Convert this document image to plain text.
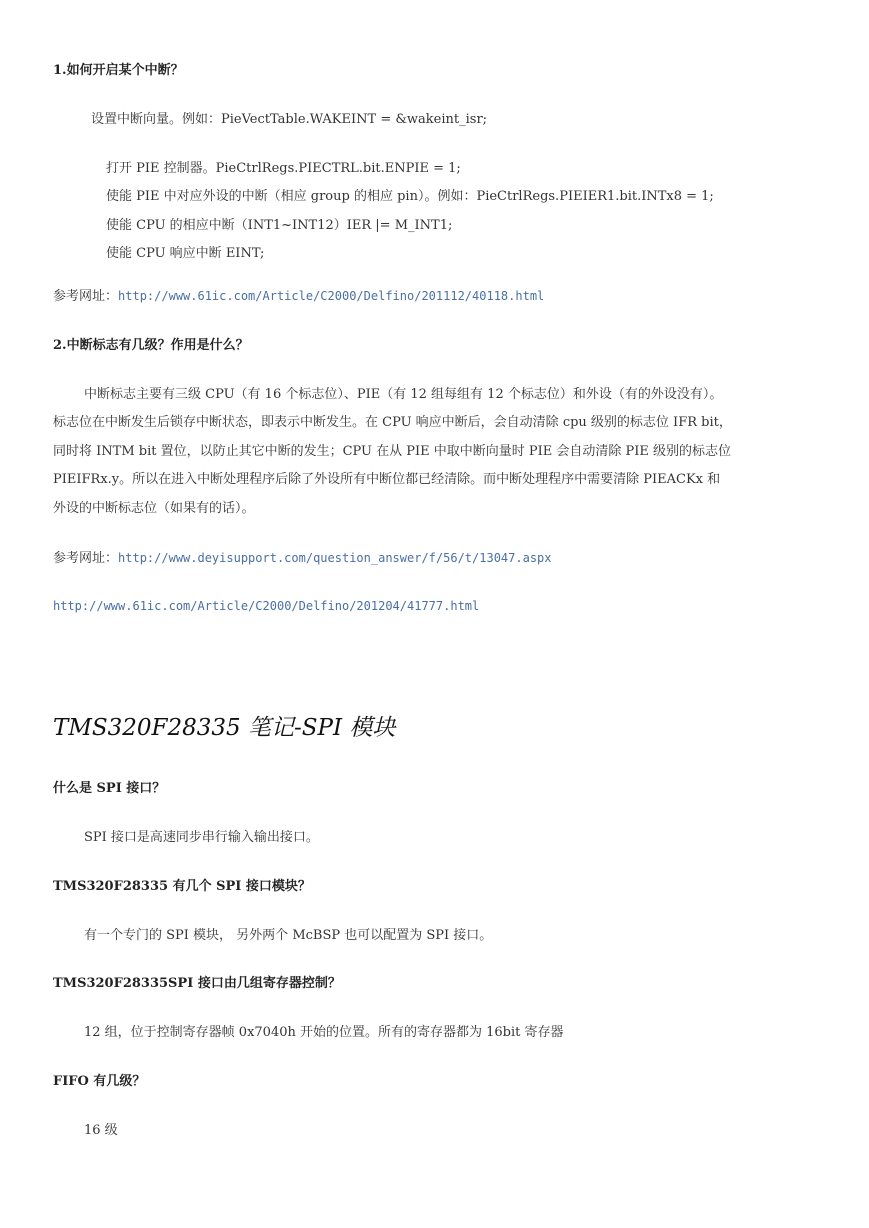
1.如何开启某个中断？
设置中断向量。例如：PieVectTable.WAKEINT = &wakeint_isr;
打开 PIE 控制器。PieCtrlRegs.PIECTRL.bit.ENPIE = 1;
使能 PIE 中对应外设的中断（相应 group 的相应 pin）。例如：PieCtrlRegs.PIEIER1.bit.INTx8 = 1;
使能 CPU 的相应中断（INT1~INT12）IER |= M_INT1;
使能 CPU 响应中断 EINT;
参考网址：http://www.61ic.com/Article/C2000/Delfino/201112/40118.html
2.中断标志有几级？作用是什么？
中断标志主要有三级 CPU（有 16 个标志位）、PIE（有 12 组每组有 12 个标志位）和外设（有的外设没有）。
标志位在中断发生后锁存中断状态，即表示中断发生。在 CPU 响应中断后，会自动清除 cpu 级别的标志位 IFR bit，
同时将 INTM bit 置位，以防止其它中断的发生；CPU 在从 PIE 中取中断向量时 PIE 会自动清除 PIE 级别的标志位
PIEIFRx.y。所以在进入中断处理程序后除了外设所有中断位都已经清除。而中断处理程序中需要清除 PIEACKx 和
外设的中断标志位（如果有的话）。
参考网址：http://www.deyisupport.com/question_answer/f/56/t/13047.aspx
http://www.61ic.com/Article/C2000/Delfino/201204/41777.html
TMS320F28335 笔记-SPI 模块
什么是 SPI 接口？
SPI 接口是高速同步串行输入输出接口。
TMS320F28335 有几个 SPI 接口模块？
有一个专门的 SPI 模块， 另外两个 McBSP 也可以配置为 SPI 接口。
TMS320F28335SPI 接口由几组寄存器控制？
12 组，位于控制寄存器帧 0x7040h 开始的位置。所有的寄存器都为 16bit 寄存器
FIFO 有几级？
16 级
